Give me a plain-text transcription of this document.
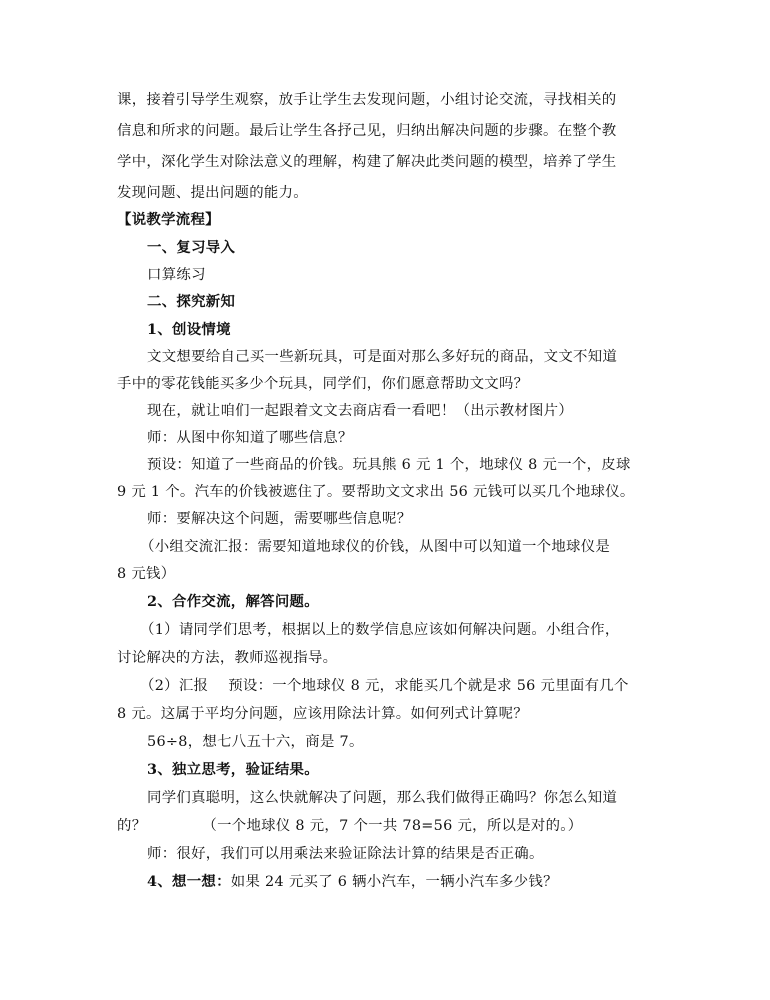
课，接着引导学生观察，放手让学生去发现问题，小组讨论交流，寻找相关的
信息和所求的问题。最后让学生各抒己见，归纳出解决问题的步骤。在整个教
学中，深化学生对除法意义的理解，构建了解决此类问题的模型，培养了学生
发现问题、提出问题的能力。
【说教学流程】
一、复习导入
口算练习
二、探究新知
1、创设情境
文文想要给自己买一些新玩具，可是面对那么多好玩的商品，文文不知道
手中的零花钱能买多少个玩具，同学们，你们愿意帮助文文吗？
现在，就让咱们一起跟着文文去商店看一看吧！（出示教材图片）
师：从图中你知道了哪些信息？
预设：知道了一些商品的价钱。玩具熊 6 元 1 个，地球仪 8 元一个，皮球
9 元 1 个。汽车的价钱被遮住了。要帮助文文求出 56 元钱可以买几个地球仪。
师：要解决这个问题，需要哪些信息呢？
（小组交流汇报：需要知道地球仪的价钱，从图中可以知道一个地球仪是
8 元钱）
2、合作交流，解答问题。
（1）请同学们思考，根据以上的数学信息应该如何解决问题。小组合作，
讨论解决的方法，教师巡视指导。
（2）汇报 预设：一个地球仪 8 元，求能买几个就是求 56 元里面有几个
8 元。这属于平均分问题，应该用除法计算。如何列式计算呢？
56÷8，想七八五十六，商是 7。
3、独立思考，验证结果。
同学们真聪明，这么快就解决了问题，那么我们做得正确吗？你怎么知道
的？	（一个地球仪 8 元，7 个一共 78=56 元，所以是对的。）
师：很好，我们可以用乘法来验证除法计算的结果是否正确。
4、想一想：如果 24 元买了 6 辆小汽车，一辆小汽车多少钱？
